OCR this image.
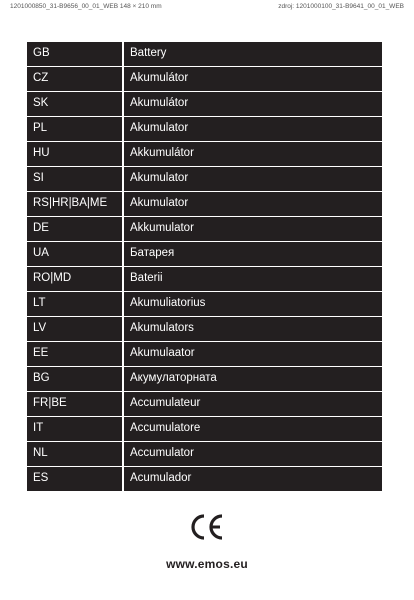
1201000850_31-B9656_00_01_WEB 148 × 210 mm	zdroj: 1201000100_31-B9641_00_01_WEB
GB	Battery
CZ	Akumulátor
SK	Akumulátor
PL	Akumulator
HU	Akkumulátor
SI	Akumulator
RS|HR|BA|ME	Akumulator
DE	Akkumulator
UA	Батарея
RO|MD	Baterii
LT	Akumuliatorius
LV	Akumulators
EE	Akumulaator
BG	Акумулаторната
FR|BE	Accumulateur
IT	Accumulatore
NL	Accumulator
ES	Acumulador
www.emos.eu
